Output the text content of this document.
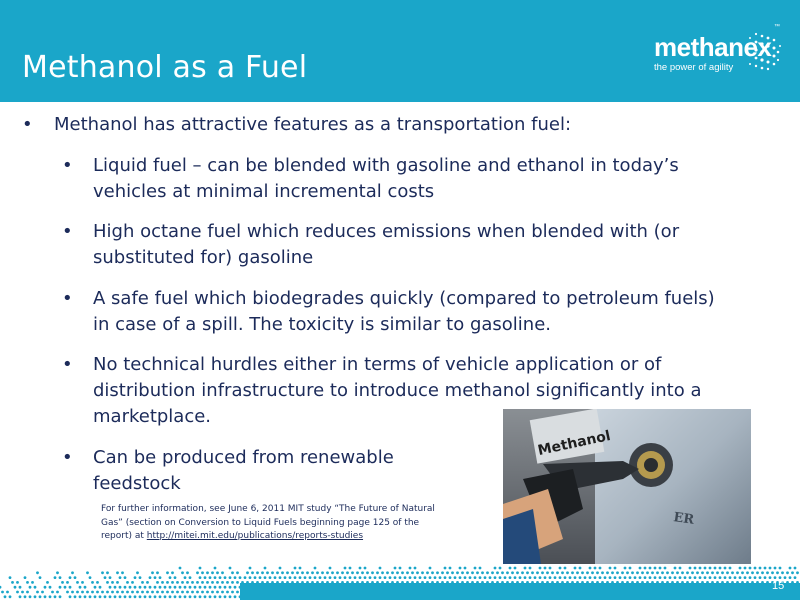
Methanol as a Fuel
methanex
™
the power of agility
• Methanol has attractive features as a transportation fuel:
• Liquid fuel – can be blended with gasoline and ethanol in today’s vehicles at minimal incremental costs
• High octane fuel which reduces emissions when blended with (or substituted for) gasoline
• A safe fuel which biodegrades quickly (compared to petroleum fuels) in case of a spill. The toxicity is similar to gasoline.
• No technical hurdles either in terms of vehicle application or of distribution infrastructure to introduce methanol significantly into a marketplace.
• Can be produced from renewable feedstock
For further information, see June 6, 2011 MIT study “The Future of Natural Gas” (section on Conversion to Liquid Fuels beginning page 125 of the report) at http://mitei.mit.edu/publications/reports-studies
Methanol
ER
15
